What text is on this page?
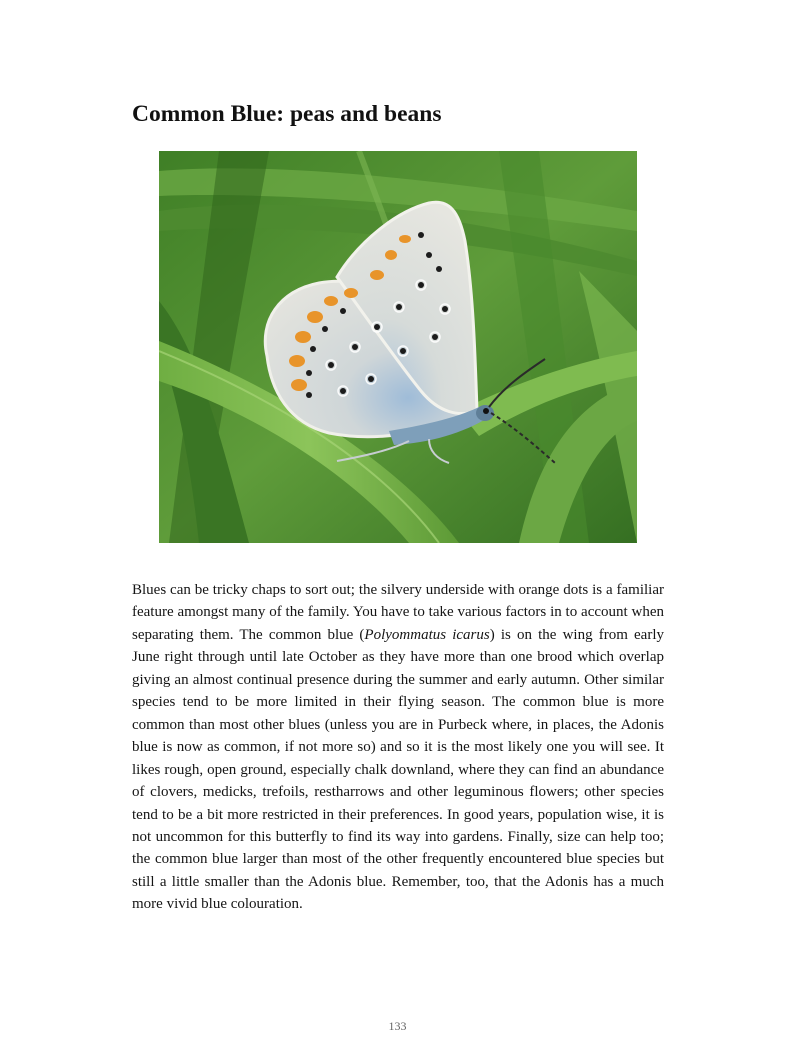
Common Blue: peas and beans

Blues can be tricky chaps to sort out; the silvery underside with orange dots is a familiar feature amongst many of the family. You have to take various factors in to account when separating them. The common blue (Polyommatus icarus) is on the wing from early June right through until late October as they have more than one brood which overlap giving an almost continual presence during the summer and early autumn. Other similar species tend to be more limited in their flying season. The common blue is more common than most other blues (unless you are in Purbeck where, in places, the Adonis blue is now as common, if not more so) and so it is the most likely one you will see. It likes rough, open ground, especially chalk downland, where they can find an abundance of clovers, medicks, trefoils, restharrows and other leguminous flowers; other species tend to be a bit more restricted in their preferences. In good years, population wise, it is not uncommon for this butterfly to find its way into gardens. Finally, size can help too; the common blue larger than most of the other frequently encountered blue species but still a little smaller than the Adonis blue. Remember, too, that the Adonis has a much more vivid blue colouration.

133
